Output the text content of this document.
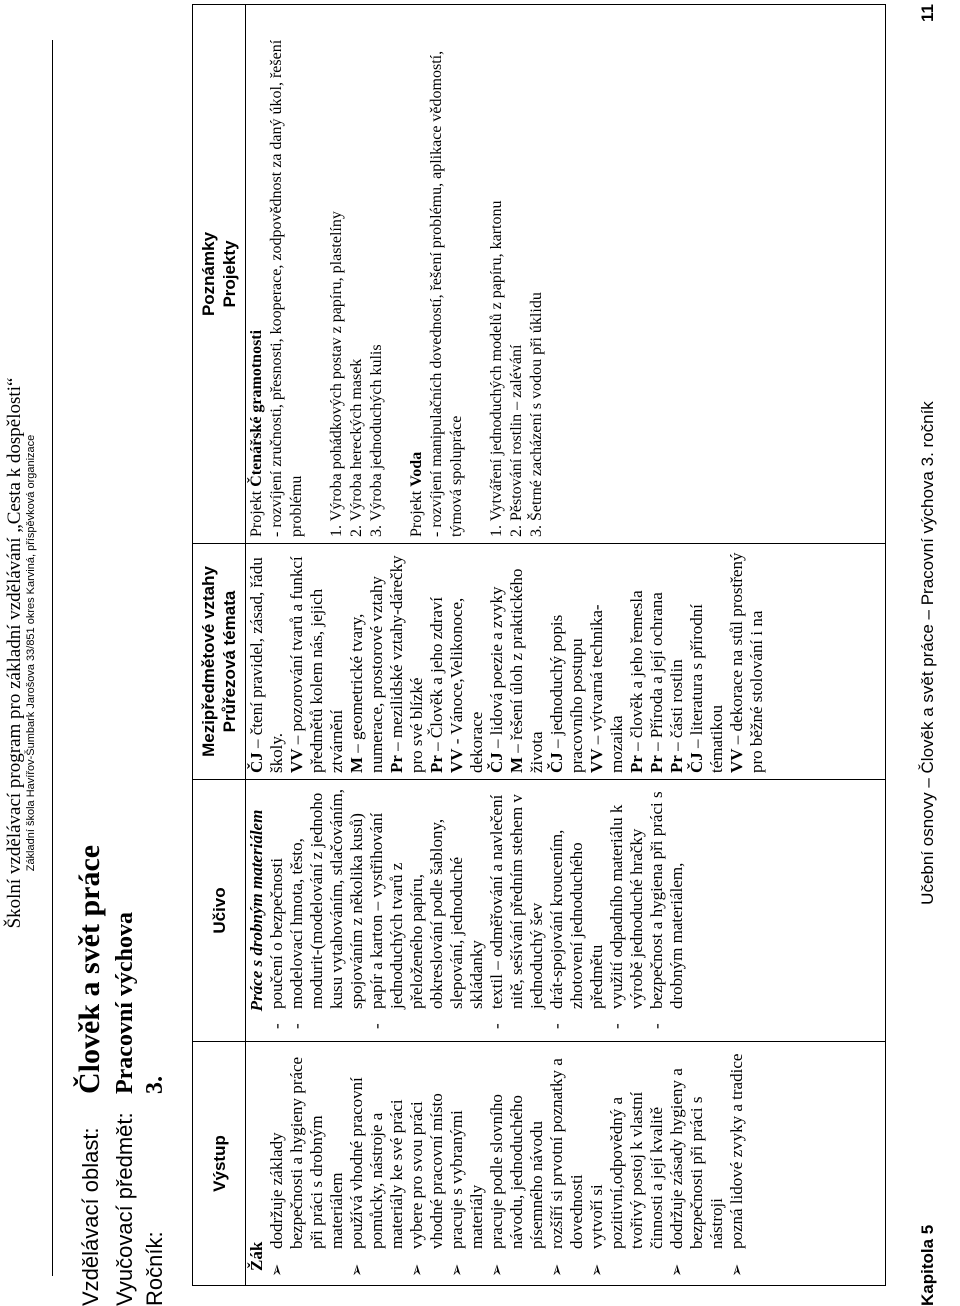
Školní vzdělávací program pro základní vzdělávání „Cesta k dospělosti“ Základní škola Havířov-Šumbark Jarošova 33/851 okres Karviná, příspěvková organizace
Vzdělávací oblast:
Člověk a svět práce
Vyučovací předmět:
Pracovní výchova
Ročník:
3.
Výstup
Žák ➢
dodržuje základy bezpečnosti a hygieny práce při práci s drobným materiálem
➢
používá vhodné pracovní pomůcky, nástroje a materiály ke své práci
➢
vybere pro svou práci vhodné pracovní místo
➢
pracuje s vybranými materiály
➢
pracuje podle slovního návodu, jednoduchého písemného návodu
➢
rozšíří si prvotní poznatky a dovednosti
➢
vytvoří si pozitivní,odpovědný a tvořivý postoj k vlastní činnosti a její kvalitě
➢
dodržuje zásady hygieny a bezpečnosti při práci s nástroji
➢
pozná lidové zvyky a tradice
Učivo Práce s drobným materiálem
-
poučení o bezpečnosti
-
modelovací hmota, těsto, modurit-(modelování z jednoho kusu vytahováním, stlačováním, spojováním z několika kusů)
-
papír a karton – vystřihování jednoduchých tvarů z přeloženého papíru, obkreslování podle šablony, slepování, jednoduché skládanky
-
textil – odměřování a navlečení nitě, sešívání předním stehem v jednoduchý šev
-
drát-spojování kroucením, zhotovení jednoduchého předmětu
-
využití odpadního materiálu k výrobě jednoduché hračky
-
bezpečnost a hygiena při práci s drobným materiálem,
Mezipředmětové vztahy Průřezová témata
ČJ – čtení pravidel, zásad, řádu školy. VV – pozorování tvarů a funkcí předmětů kolem nás, jejich ztvárnění M – geometrické tvary, numerace, prostorové vztahy Pr – mezilidské vztahy-dárečky pro své blízké Pr – Člověk a jeho zdraví
VV - Vánoce,Velikonoce, dekorace ČJ – lidová poezie a zvyky
M – řešení úloh z praktického života ČJ – jednoduchý popis pracovního postupu VV – výtvarná technika-mozaika Pr – člověk a jeho řemesla
Pr – Příroda a její ochrana
Pr – části rostlin
ČJ – literatura s přírodní tématikou VV – dekorace na stůl prostřený pro běžné stolování i na
Poznámky Projekty
Projekt Čtenářské gramotnosti - rozvíjení zručnosti, přesnosti, kooperace, zodpovědnost za daný úkol, řešení problému 1. Výroba pohádkových postav z papíru, plastelíny 2. Výroba hereckých masek 3. Výroba jednoduchých kulis Projekt Voda - rozvíjení manipulačních dovedností, řešení problému, aplikace vědomostí, týmová spolupráce 1. Vytváření jednoduchých modelů z papíru, kartonu 2. Pěstování rostlin – zalévání 3. Šetrné zacházení s vodou při úklidu	Učební osnovy – Člověk a svět práce – Pracovní výchova 3. ročník
Kapitola 5
11
